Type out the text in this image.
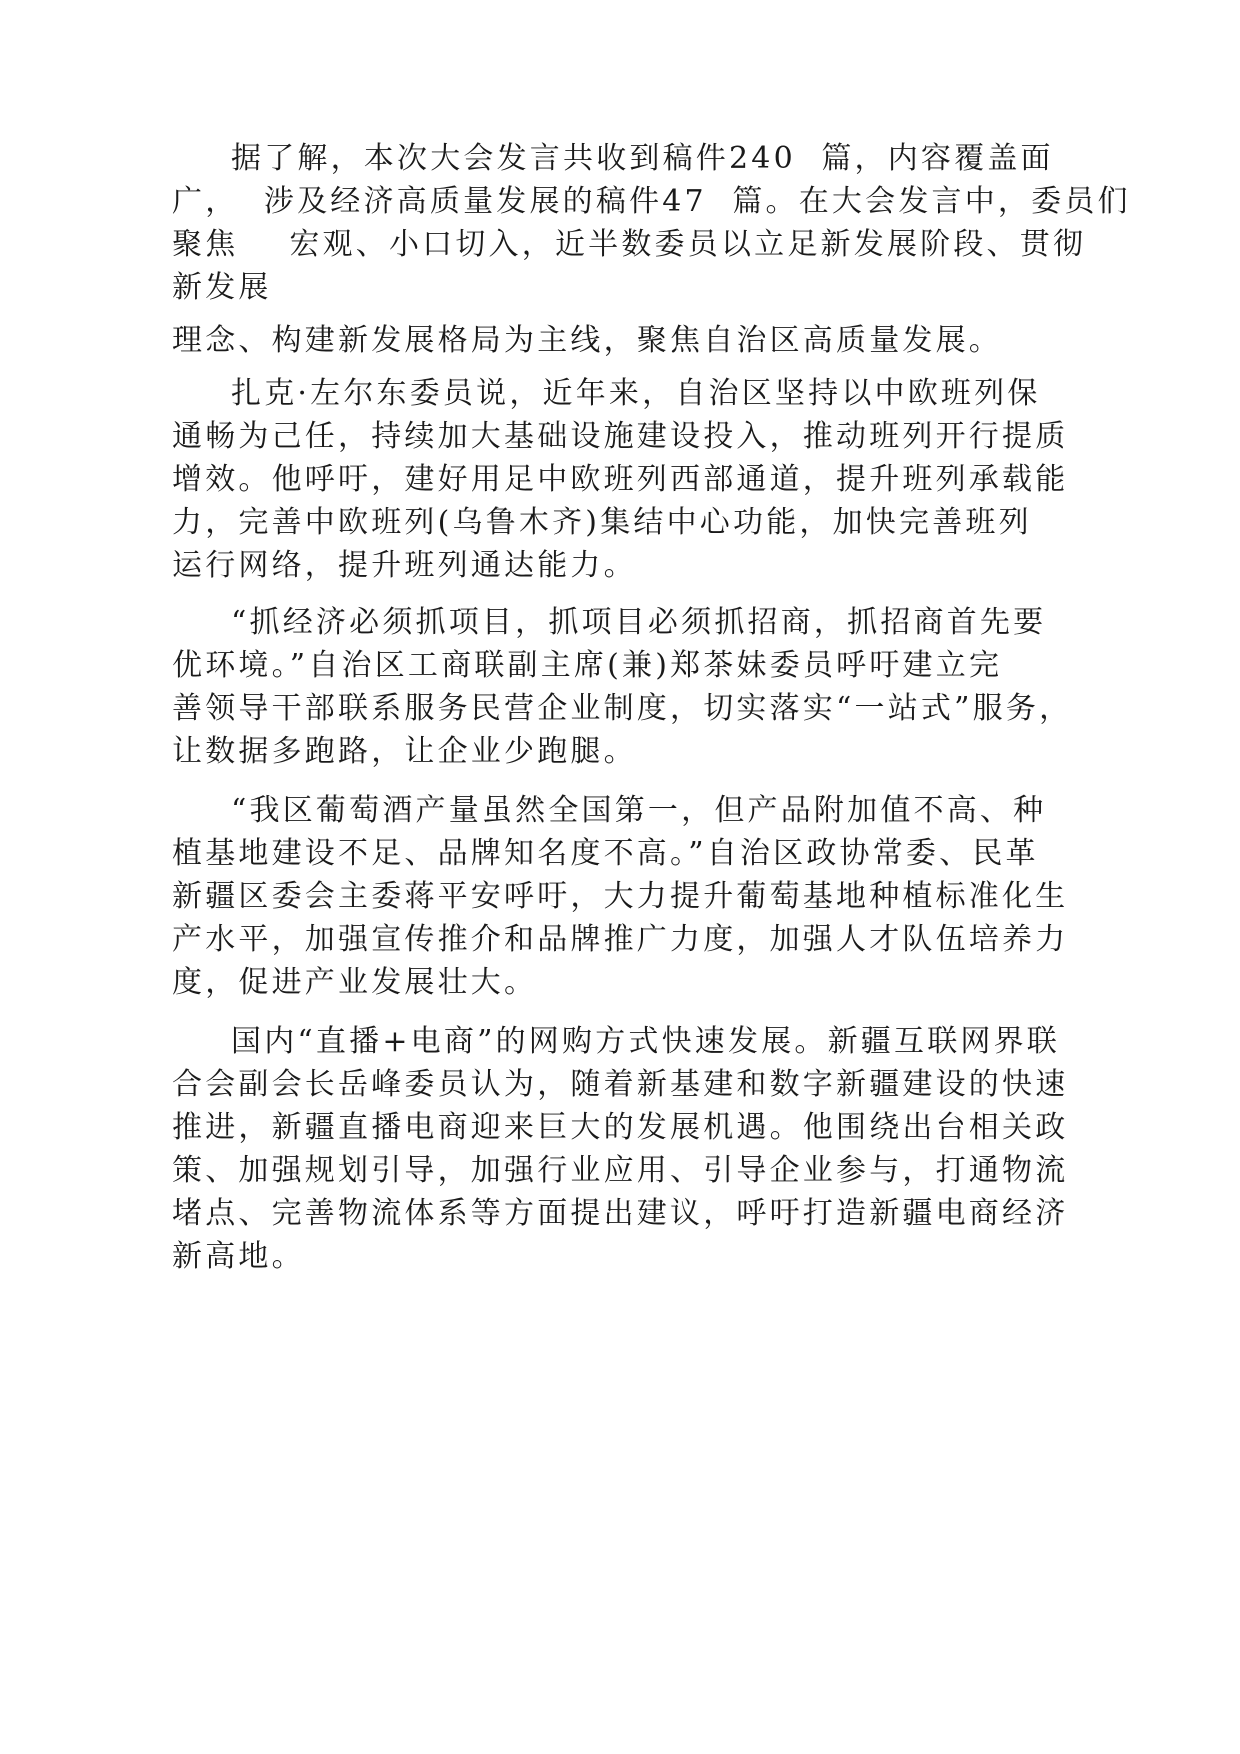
据了解，本次大会发言共收到稿件240  篇，内容覆盖面

广，  涉及经济高质量发展的稿件47  篇。在大会发言中，委员们

聚焦    宏观、小口切入，近半数委员以立足新发展阶段、贯彻

新发展

理念、构建新发展格局为主线，聚焦自治区高质量发展。

扎克·左尔东委员说，近年来，自治区坚持以中欧班列保

通畅为己任，持续加大基础设施建设投入，推动班列开行提质

增效。他呼吁，建好用足中欧班列西部通道，提升班列承载能

力，完善中欧班列(乌鲁木齐)集结中心功能，加快完善班列

运行网络，提升班列通达能力。

“抓经济必须抓项目，抓项目必须抓招商，抓招商首先要

优环境。”自治区工商联副主席(兼)郑茶妹委员呼吁建立完

善领导干部联系服务民营企业制度，切实落实“一站式”服务，

让数据多跑路，让企业少跑腿。

“我区葡萄酒产量虽然全国第一，但产品附加值不高、种

植基地建设不足、品牌知名度不高。”自治区政协常委、民革

新疆区委会主委蒋平安呼吁，大力提升葡萄基地种植标准化生

产水平，加强宣传推介和品牌推广力度，加强人才队伍培养力

度，促进产业发展壮大。

国内“直播+电商”的网购方式快速发展。新疆互联网界联

合会副会长岳峰委员认为，随着新基建和数字新疆建设的快速

推进，新疆直播电商迎来巨大的发展机遇。他围绕出台相关政

策、加强规划引导，加强行业应用、引导企业参与，打通物流

堵点、完善物流体系等方面提出建议，呼吁打造新疆电商经济

新高地。
